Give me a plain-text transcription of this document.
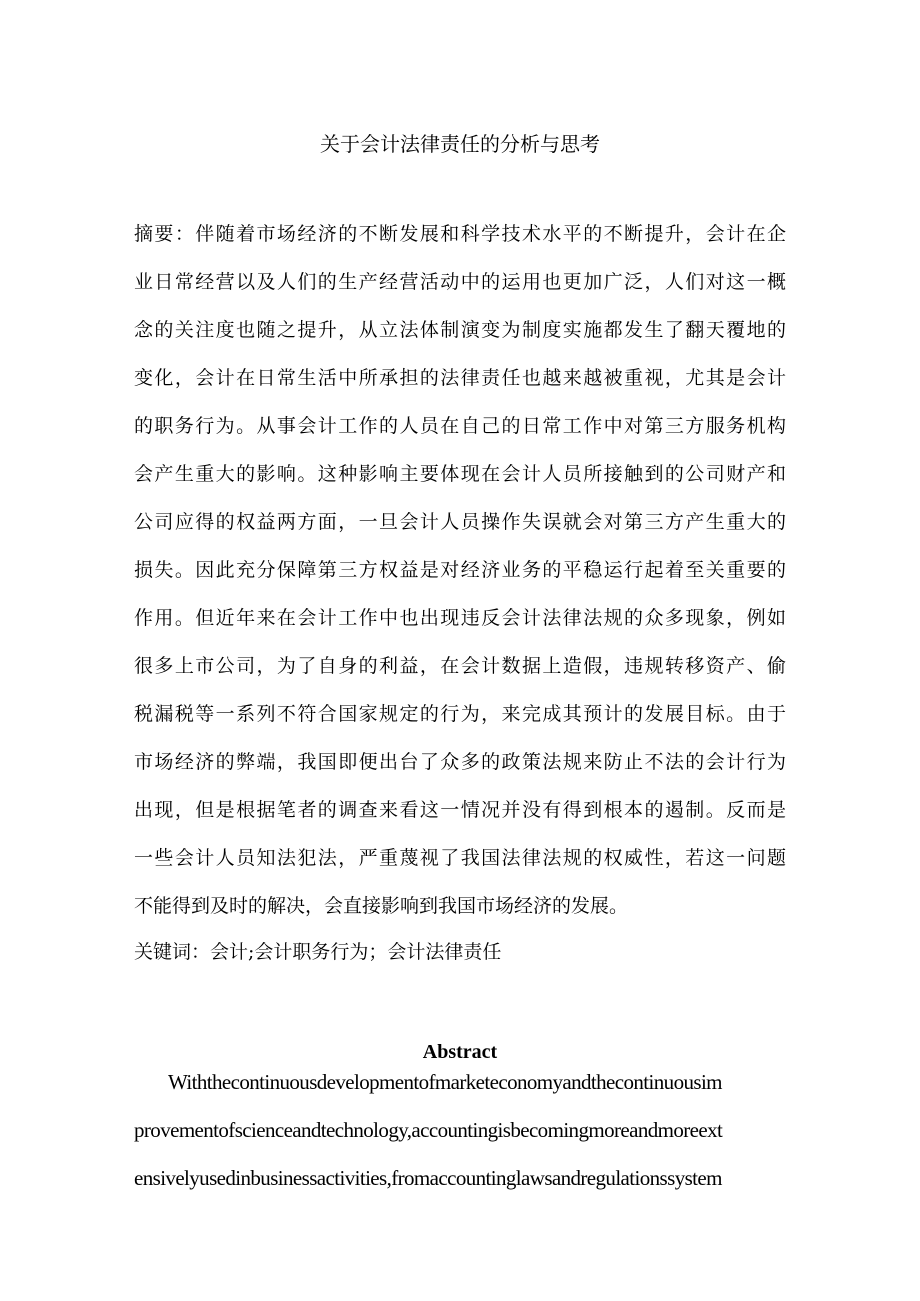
关于会计法律责任的分析与思考
摘要：伴随着市场经济的不断发展和科学技术水平的不断提升，会计在企
业日常经营以及人们的生产经营活动中的运用也更加广泛，人们对这一概
念的关注度也随之提升，从立法体制演变为制度实施都发生了翻天覆地的
变化，会计在日常生活中所承担的法律责任也越来越被重视，尤其是会计
的职务行为。从事会计工作的人员在自己的日常工作中对第三方服务机构
会产生重大的影响。这种影响主要体现在会计人员所接触到的公司财产和
公司应得的权益两方面，一旦会计人员操作失误就会对第三方产生重大的
损失。因此充分保障第三方权益是对经济业务的平稳运行起着至关重要的
作用。但近年来在会计工作中也出现违反会计法律法规的众多现象，例如
很多上市公司，为了自身的利益，在会计数据上造假，违规转移资产、偷
税漏税等一系列不符合国家规定的行为，来完成其预计的发展目标。由于
市场经济的弊端，我国即便出台了众多的政策法规来防止不法的会计行为
出现，但是根据笔者的调查来看这一情况并没有得到根本的遏制。反而是
一些会计人员知法犯法，严重蔑视了我国法律法规的权威性，若这一问题
不能得到及时的解决，会直接影响到我国市场经济的发展。
关键词：会计;会计职务行为；会计法律责任
Abstract
Withthecontinuousdevelopmentofmarketeconomyandthecontinuousim
provementofscienceandtechnology,accountingisbecomingmoreandmoreext
ensivelyusedinbusinessactivities,fromaccountinglawsandregulationssystem
